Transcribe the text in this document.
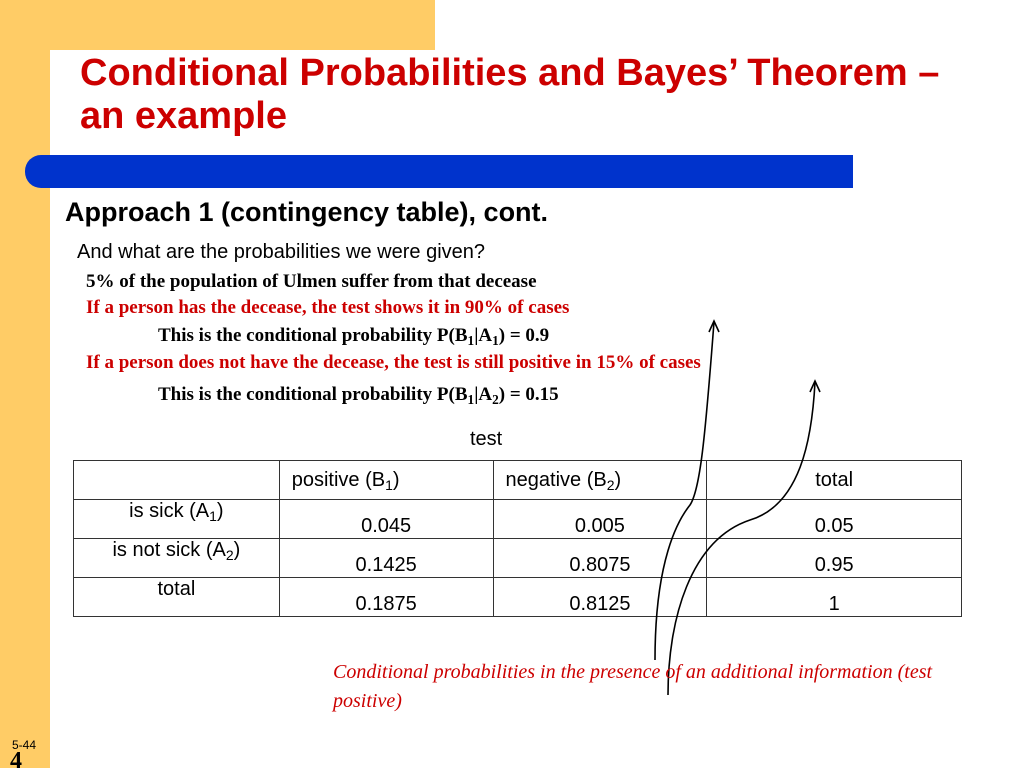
Conditional Probabilities and Bayes’ Theorem – an example
Approach 1 (contingency table), cont.
And what are the probabilities we were given?
5% of the population of Ulmen suffer from that decease
If a person has the decease, the test shows it in 90% of cases
This is the conditional probability $P(B_1|A_1) = 0.9$
If a person does not have the decease, the test is still positive in 15% of cases
This is the conditional probability $P(B_1|A_2) = 0.15$
test
	positive $(B_1)$	negative $(B_2)$	total
is sick $(A_1)$	0.045	0.005	0.05
is not sick $(A_2)$	0.1425	0.8075	0.95
total	0.1875	0.8125	1
Conditional probabilities in the presence of an additional information (test positive)
5-44
4
